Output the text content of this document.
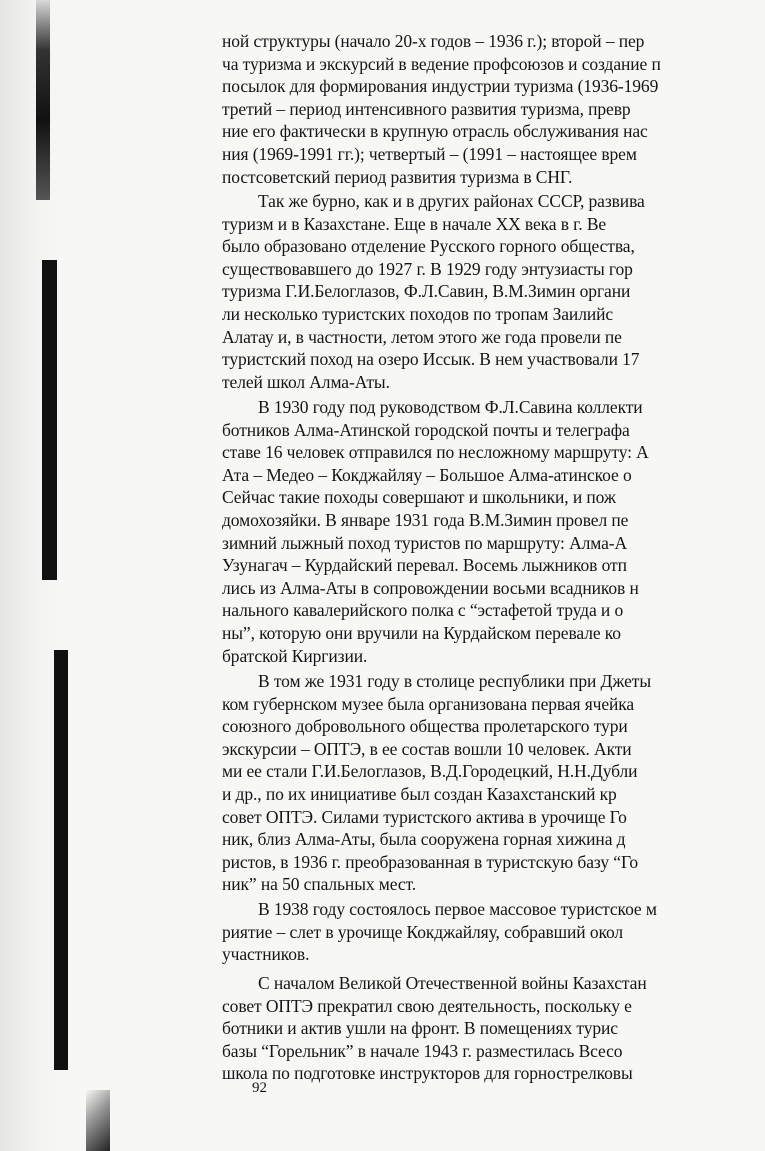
ной структуры (начало 20-х годов – 1936 г.); второй – пер
ча туризма и экскурсий в ведение профсоюзов и создание п
посылок для формирования индустрии туризма (1936-1969
третий – период интенсивного развития туризма, превр
ние его фактически в крупную отрасль обслуживания нас
ния (1969-1991 гг.); четвертый – (1991 – настоящее врем
постсоветский период развития туризма в СНГ.
Так же бурно, как и в других районах СССР, развива
туризм и в Казахстане. Еще в начале XX века в г. Ве
было образовано отделение Русского горного общества,
существовавшего до 1927 г. В 1929 году энтузиасты гор
туризма Г.И.Белоглазов, Ф.Л.Савин, В.М.Зимин органи
ли несколько туристских походов по тропам Заилийс
Алатау и, в частности, летом этого же года провели пе
туристский поход на озеро Иссык. В нем участвовали 17
телей школ Алма-Аты.
В 1930 году под руководством Ф.Л.Савина коллекти
ботников Алма-Атинской городской почты и телеграфа
ставе 16 человек отправился по несложному маршруту: А
Ата – Медео – Кокджайляу – Большое Алма-атинское о
Сейчас такие походы совершают и школьники, и пож
домохозяйки. В январе 1931 года В.М.Зимин провел пе
зимний лыжный поход туристов по маршруту: Алма-А
Узунагач – Курдайский перевал. Восемь лыжников отп
лись из Алма-Аты в сопровождении восьми всадников н
нального кавалерийского полка с “эстафетой труда и о
ны”, которую они вручили на Курдайском перевале ко
братской Киргизии.
В том же 1931 году в столице республики при Джеты
ком губернском музее была организована первая ячейка
союзного добровольного общества пролетарского тури
экскурсии – ОПТЭ, в ее состав вошли 10 человек. Акти
ми ее стали Г.И.Белоглазов, В.Д.Городецкий, Н.Н.Дубли
и др., по их инициативе был создан Казахстанский кр
совет ОПТЭ. Силами туристского актива в урочище Го
ник, близ Алма-Аты, была сооружена горная хижина д
ристов, в 1936 г. преобразованная в туристскую базу “Го
ник” на 50 спальных мест.
В 1938 году состоялось первое массовое туристское м
риятие – слет в урочище Кокджайляу, собравший окол
участников.
С началом Великой Отечественной войны Казахстан
совет ОПТЭ прекратил свою деятельность, поскольку е
ботники и актив ушли на фронт. В помещениях турис
базы “Горельник” в начале 1943 г. разместилась Всесо
школа по подготовке инструкторов для горнострелковы
92
